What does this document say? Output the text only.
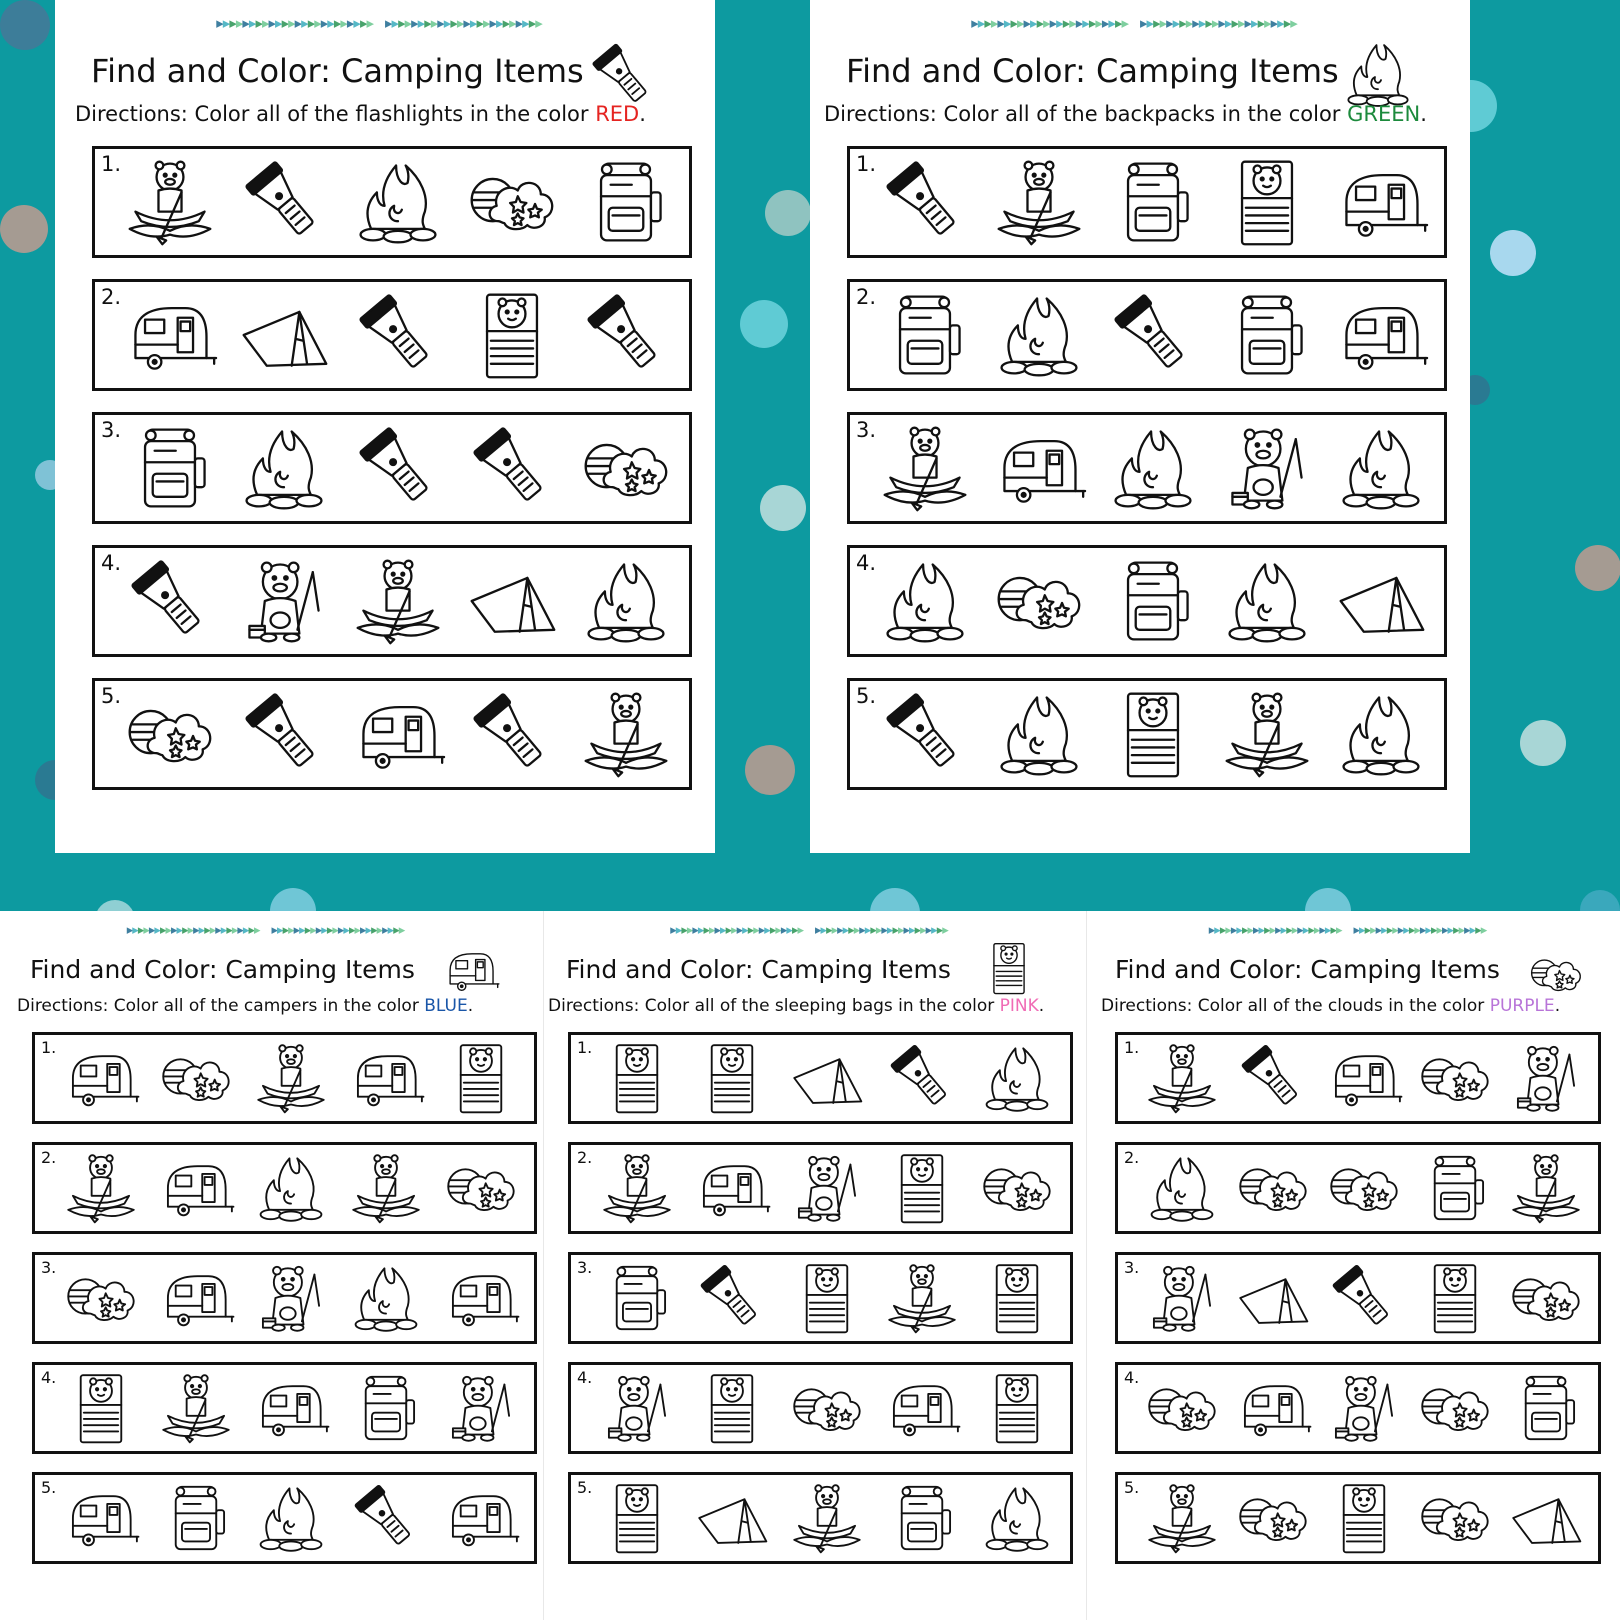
▸▸▸▸▸▸▸▸▸▸▸▸▸▸▸▸▸▸▸▸▸▸▸▸ ▸▸▸▸▸▸▸▸▸▸▸▸▸▸▸▸▸▸▸▸▸▸▸▸
Find and Color: Camping Items
Directions: Color all of the flashlights in the color RED.
1.
2.
3.
4.
5.
▸▸▸▸▸▸▸▸▸▸▸▸▸▸▸▸▸▸▸▸▸▸▸▸ ▸▸▸▸▸▸▸▸▸▸▸▸▸▸▸▸▸▸▸▸▸▸▸▸
Find and Color: Camping Items
Directions: Color all of the backpacks in the color GREEN.
1.
2.
3.
4.
5.
▸▸▸▸▸▸▸▸▸▸▸▸▸▸▸▸▸▸▸▸▸▸▸▸ ▸▸▸▸▸▸▸▸▸▸▸▸▸▸▸▸▸▸▸▸▸▸▸▸
Find and Color: Camping Items
Directions: Color all of the campers in the color BLUE.
1.
2.
3.
4.
5.
▸▸▸▸▸▸▸▸▸▸▸▸▸▸▸▸▸▸▸▸▸▸▸▸ ▸▸▸▸▸▸▸▸▸▸▸▸▸▸▸▸▸▸▸▸▸▸▸▸
Find and Color: Camping Items
Directions: Color all of the sleeping bags in the color PINK.
1.
2.
3.
4.
5.
▸▸▸▸▸▸▸▸▸▸▸▸▸▸▸▸▸▸▸▸▸▸▸▸ ▸▸▸▸▸▸▸▸▸▸▸▸▸▸▸▸▸▸▸▸▸▸▸▸
Find and Color: Camping Items
Directions: Color all of the clouds in the color PURPLE.
1.
2.
3.
4.
5.
